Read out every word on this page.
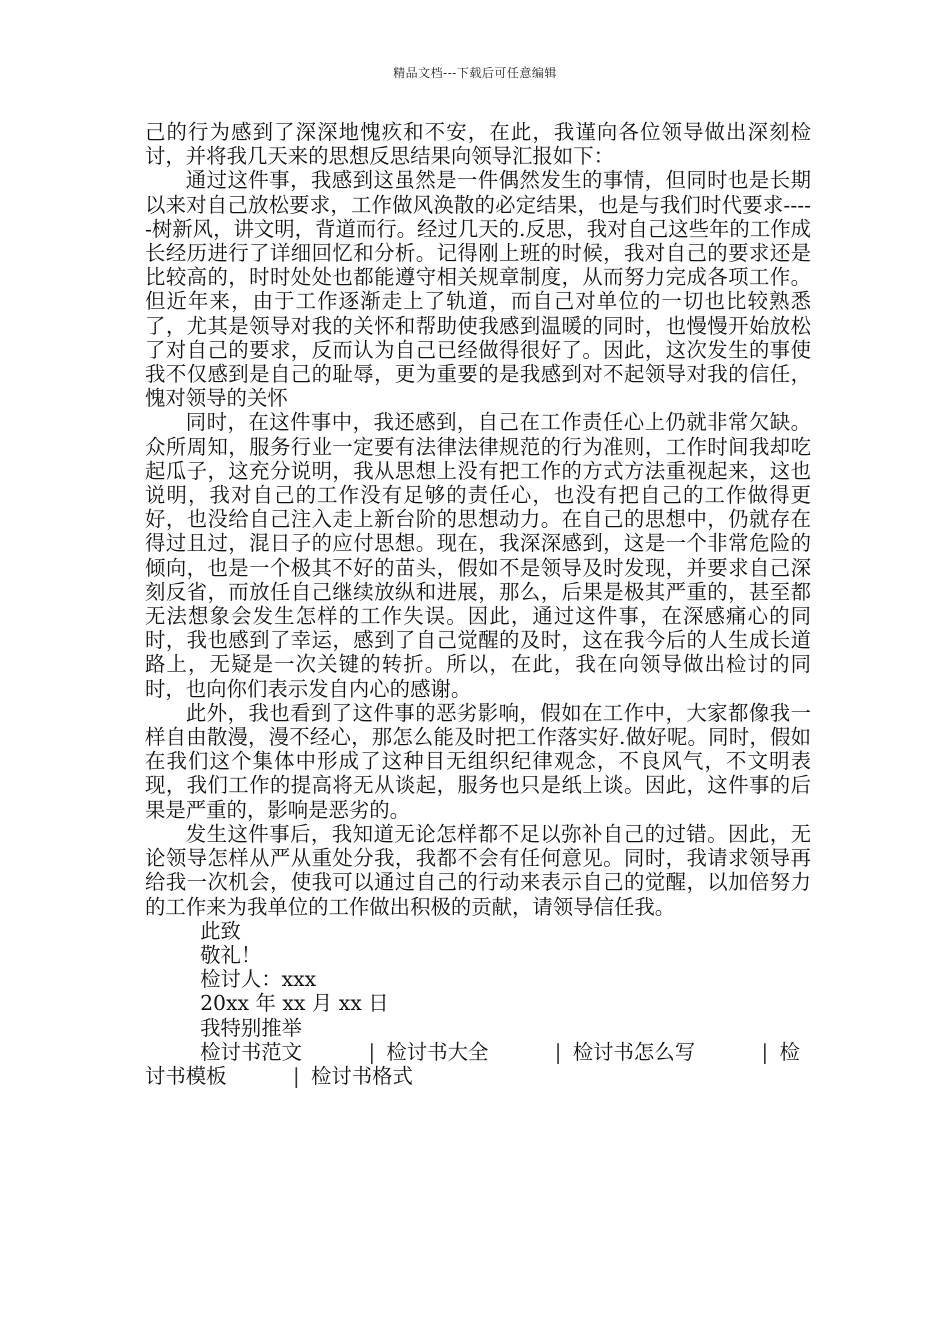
精品文档---下载后可任意编辑

己的行为感到了深深地愧疚和不安，在此，我谨向各位领导做出深刻检讨，并将我几天来的思想反思结果向领导汇报如下：

通过这件事，我感到这虽然是一件偶然发生的事情，但同时也是长期以来对自己放松要求，工作做风涣散的必定结果，也是与我们时代要求-----树新风，讲文明，背道而行。经过几天的.反思，我对自己这些年的工作成长经历进行了详细回忆和分析。记得刚上班的时候，我对自己的要求还是比较高的，时时处处也都能遵守相关规章制度，从而努力完成各项工作。但近年来，由于工作逐渐走上了轨道，而自己对单位的一切也比较熟悉了，尤其是领导对我的关怀和帮助使我感到温暖的同时，也慢慢开始放松了对自己的要求，反而认为自己已经做得很好了。因此，这次发生的事使我不仅感到是自己的耻辱，更为重要的是我感到对不起领导对我的信任，愧对领导的关怀

同时，在这件事中，我还感到，自己在工作责任心上仍就非常欠缺。众所周知，服务行业一定要有法律法律规范的行为准则，工作时间我却吃起瓜子，这充分说明，我从思想上没有把工作的方式方法重视起来，这也说明，我对自己的工作没有足够的责任心，也没有把自己的工作做得更好，也没给自己注入走上新台阶的思想动力。在自己的思想中，仍就存在得过且过，混日子的应付思想。现在，我深深感到，这是一个非常危险的倾向，也是一个极其不好的苗头，假如不是领导及时发现，并要求自己深刻反省，而放任自己继续放纵和进展，那么，后果是极其严重的，甚至都无法想象会发生怎样的工作失误。因此，通过这件事，在深感痛心的同时，我也感到了幸运，感到了自己觉醒的及时，这在我今后的人生成长道路上，无疑是一次关键的转折。所以，在此，我在向领导做出检讨的同时，也向你们表示发自内心的感谢。

此外，我也看到了这件事的恶劣影响，假如在工作中，大家都像我一样自由散漫，漫不经心，那怎么能及时把工作落实好.做好呢。同时，假如在我们这个集体中形成了这种目无组织纪律观念，不良风气，不文明表现，我们工作的提高将无从谈起，服务也只是纸上谈。因此，这件事的后果是严重的，影响是恶劣的。

发生这件事后，我知道无论怎样都不足以弥补自己的过错。因此，无论领导怎样从严从重处分我，我都不会有任何意见。同时，我请求领导再给我一次机会，使我可以通过自己的行动来表示自己的觉醒，以加倍努力的工作来为我单位的工作做出积极的贡献，请领导信任我。

此致
敬礼！
检讨人：xxx
20xx 年 xx 月 xx 日
我特别推举
检讨书范文	| 检讨书大全	| 检讨书怎么写	| 检讨书模板	| 检讨书格式
